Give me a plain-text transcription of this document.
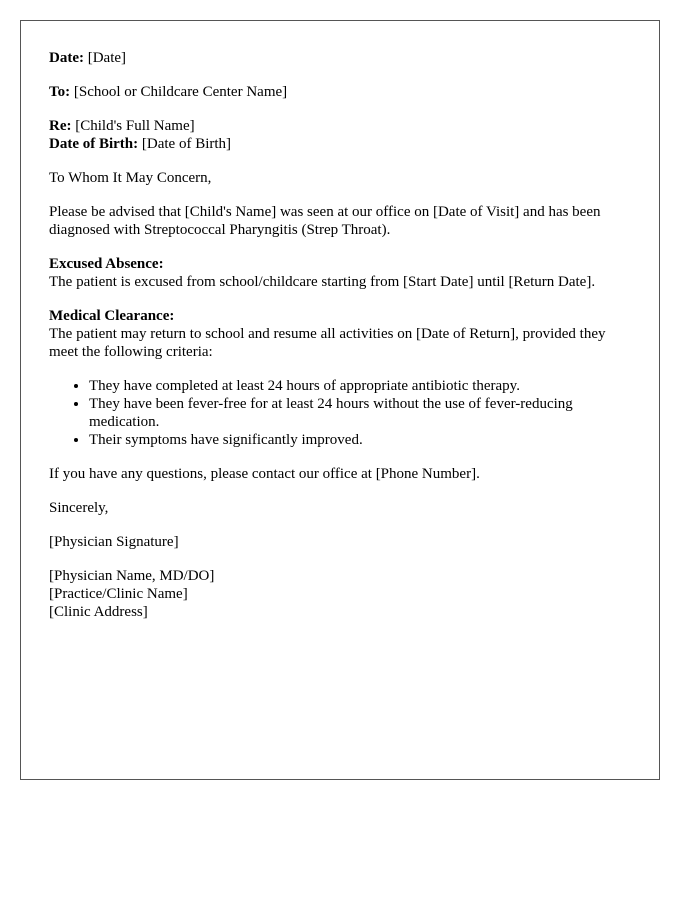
Date: [Date]
To: [School or Childcare Center Name]
Re: [Child's Full Name]
Date of Birth: [Date of Birth]
To Whom It May Concern,
Please be advised that [Child's Name] was seen at our office on [Date of Visit] and has been diagnosed with Streptococcal Pharyngitis (Strep Throat).
Excused Absence:
The patient is excused from school/childcare starting from [Start Date] until [Return Date].
Medical Clearance:
The patient may return to school and resume all activities on [Date of Return], provided they meet the following criteria:
• They have completed at least 24 hours of appropriate antibiotic therapy.
• They have been fever-free for at least 24 hours without the use of fever-reducing medication.
• Their symptoms have significantly improved.
If you have any questions, please contact our office at [Phone Number].
Sincerely,
[Physician Signature]
[Physician Name, MD/DO]
[Practice/Clinic Name]
[Clinic Address]
